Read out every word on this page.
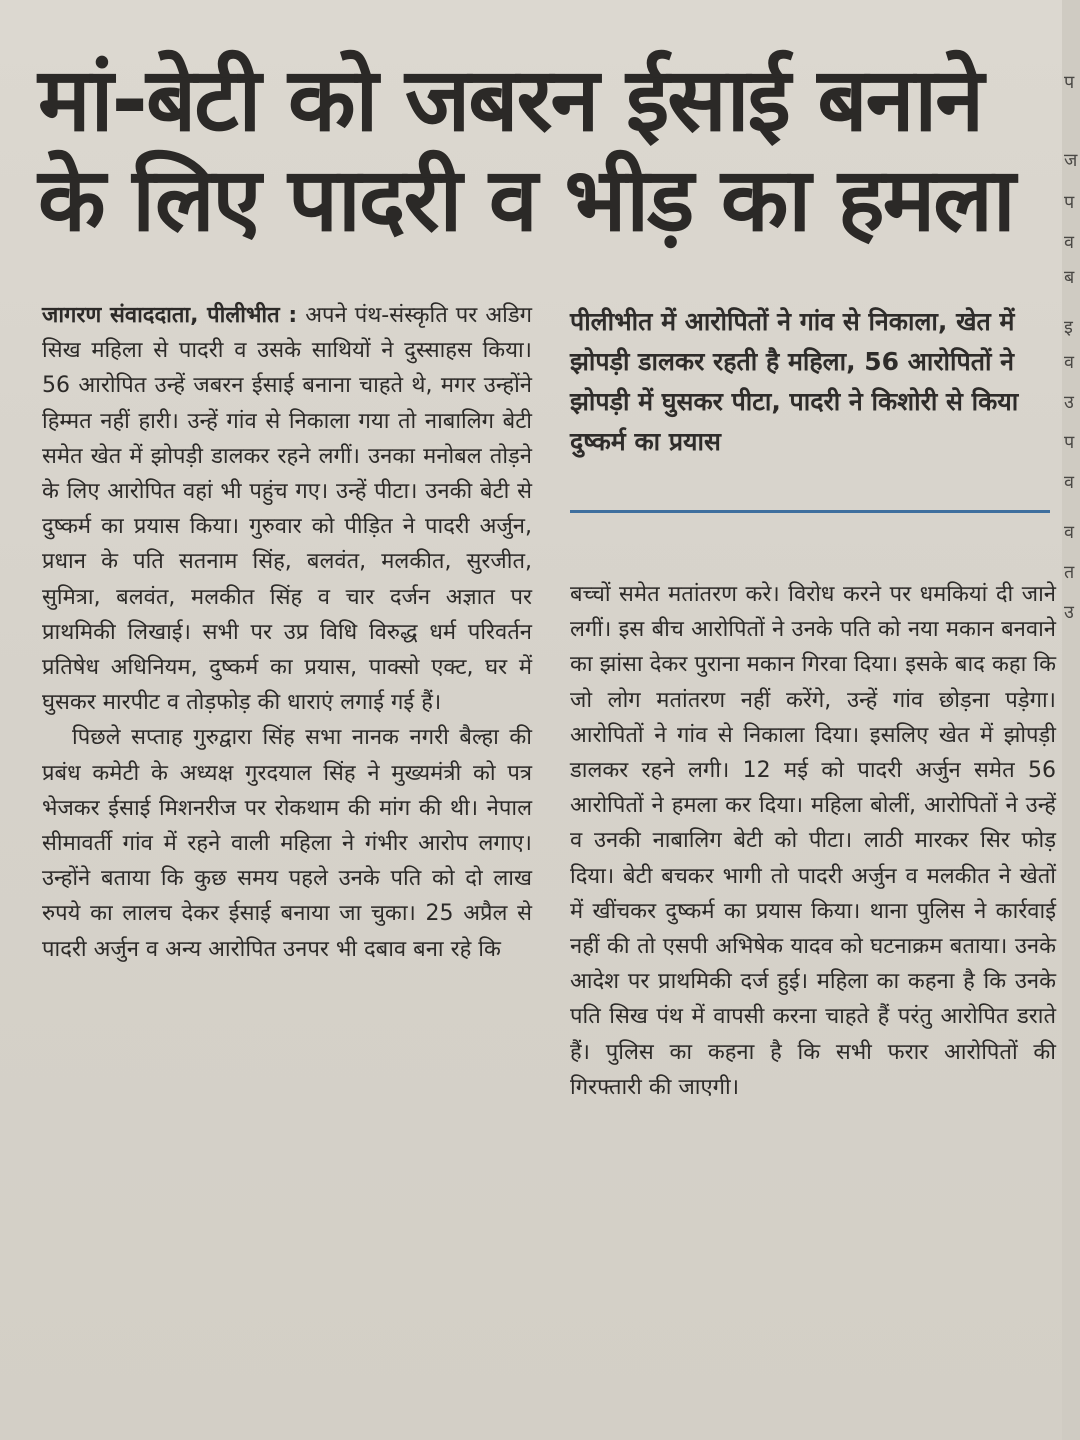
मां-बेटी को जबरन ईसाई बनाने
के लिए पादरी व भीड़ का हमला

जागरण संवाददाता, पीलीभीत : अपने पंथ-संस्कृति पर अडिग सिख महिला से पादरी व उसके साथियों ने दुस्साहस किया। 56 आरोपित उन्हें जबरन ईसाई बनाना चाहते थे, मगर उन्होंने हिम्मत नहीं हारी। उन्हें गांव से निकाला गया तो नाबालिग बेटी समेत खेत में झोपड़ी डालकर रहने लगीं। उनका मनोबल तोड़ने के लिए आरोपित वहां भी पहुंच गए। उन्हें पीटा। उनकी बेटी से दुष्कर्म का प्रयास किया। गुरुवार को पीड़ित ने पादरी अर्जुन, प्रधान के पति सतनाम सिंह, बलवंत, मलकीत, सुरजीत, सुमित्रा, बलवंत, मलकीत सिंह व चार दर्जन अज्ञात पर प्राथमिकी लिखाई। सभी पर उप्र विधि विरुद्ध धर्म परिवर्तन प्रतिषेध अधिनियम, दुष्कर्म का प्रयास, पाक्सो एक्ट, घर में घुसकर मारपीट व तोड़फोड़ की धाराएं लगाई गई हैं।

पिछले सप्ताह गुरुद्वारा सिंह सभा नानक नगरी बैल्हा की प्रबंध कमेटी के अध्यक्ष गुरदयाल सिंह ने मुख्यमंत्री को पत्र भेजकर ईसाई मिशनरीज पर रोकथाम की मांग की थी। नेपाल सीमावर्ती गांव में रहने वाली महिला ने गंभीर आरोप लगाए। उन्होंने बताया कि कुछ समय पहले उनके पति को दो लाख रुपये का लालच देकर ईसाई बनाया जा चुका। 25 अप्रैल से पादरी अर्जुन व अन्य आरोपित उनपर भी दबाव बना रहे कि

पीलीभीत में आरोपितों ने गांव से निकाला, खेत में झोपड़ी डालकर रहती है महिला, 56 आरोपितों ने झोपड़ी में घुसकर पीटा, पादरी ने किशोरी से किया दुष्कर्म का प्रयास

बच्चों समेत मतांतरण करे। विरोध करने पर धमकियां दी जाने लगीं। इस बीच आरोपितों ने उनके पति को नया मकान बनवाने का झांसा देकर पुराना मकान गिरवा दिया। इसके बाद कहा कि जो लोग मतांतरण नहीं करेंगे, उन्हें गांव छोड़ना पड़ेगा। आरोपितों ने गांव से निकाला दिया। इसलिए खेत में झोपड़ी डालकर रहने लगी। 12 मई को पादरी अर्जुन समेत 56 आरोपितों ने हमला कर दिया। महिला बोलीं, आरोपितों ने उन्हें व उनकी नाबालिग बेटी को पीटा। लाठी मारकर सिर फोड़ दिया। बेटी बचकर भागी तो पादरी अर्जुन व मलकीत ने खेतों में खींचकर दुष्कर्म का प्रयास किया। थाना पुलिस ने कार्रवाई नहीं की तो एसपी अभिषेक यादव को घटनाक्रम बताया। उनके आदेश पर प्राथमिकी दर्ज हुई। महिला का कहना है कि उनके पति सिख पंथ में वापसी करना चाहते हैं परंतु आरोपित डराते हैं। पुलिस का कहना है कि सभी फरार आरोपितों की गिरफ्तारी की जाएगी।

प
ज
प
व
ब
इ
व
उ
प
व
व
त
उ
